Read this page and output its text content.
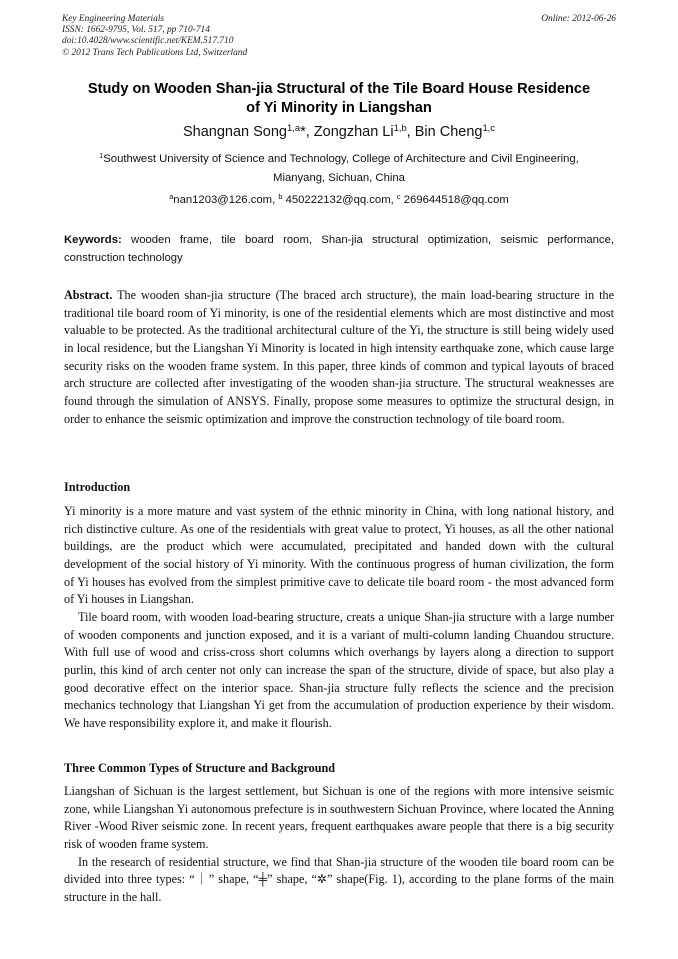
Key Engineering Materials
ISSN: 1662-9795, Vol. 517, pp 710-714
doi:10.4028/www.scientific.net/KEM.517.710
© 2012 Trans Tech Publications Ltd, Switzerland
Online: 2012-06-26
Study on Wooden Shan-jia Structural of the Tile Board House Residence
of Yi Minority in Liangshan
Shangnan Song$^{1,a}$*, Zongzhan Li$^{1,b}$, Bin Cheng$^{1,c}$
$^1$Southwest University of Science and Technology, College of Architecture and Civil Engineering,
Mianyang, Sichuan, China
$^a$nan1203@126.com, $^b$ 450222132@qq.com, $^c$ 269644518@qq.com
Keywords: wooden frame, tile board room, Shan-jia structural optimization, seismic performance, construction technology

Abstract. The wooden shan-jia structure (The braced arch structure), the main load-bearing structure in the traditional tile board room of Yi minority, is one of the residential elements which are most distinctive and most valuable to be protected. As the traditional architectural culture of the Yi, the structure is still being widely used in local residence, but the Liangshan Yi Minority is located in high intensity earthquake zone, which cause large security risks on the wooden frame system. In this paper, three kinds of common and typical layouts of braced arch structure are collected after investigating of the wooden shan-jia structure. The structural weaknesses are found through the simulation of ANSYS. Finally, propose some measures to optimize the structural design, in order to enhance the seismic optimization and improve the construction technology of tile board room.

Introduction

Yi minority is a more mature and vast system of the ethnic minority in China, with long national history, and rich distinctive culture. As one of the residentials with great value to protect, Yi houses, as all the other national buildings, are the product which were accumulated, precipitated and handed down with the cultural development of the social history of Yi minority. With the continuous progress of human civilization, the form of Yi houses has evolved from the simplest primitive cave to delicate tile board room - the most advanced form of Yi houses in Liangshan.

Tile board room, with wooden load-bearing structure, creats a unique Shan-jia structure with a large number of wooden components and junction exposed, and it is a variant of multi-column landing Chuandou structure. With full use of wood and criss-cross short columns which overhangs by layers along a direction to support purlin, this kind of arch center not only can increase the span of the structure, divide of space, but also play a good decorative effect on the interior space. Shan-jia structure fully reflects the science and the precision mechanics technology that Liangshan Yi get from the accumulation of production experience by their wisdom. We have responsibility explore it, and make it flourish.

Three Common Types of Structure and Background

Liangshan of Sichuan is the largest settlement, but Sichuan is one of the regions with more intensive seismic zone, while Liangshan Yi autonomous prefecture is in southwestern Sichuan Province, where located the Anning River -Wood River seismic zone. In recent years, frequent earthquakes aware people that there is a big security risk of wooden frame system.

In the research of residential structure, we find that Shan-jia structure of the wooden tile board room can be divided into three types: “｜” shape, “╪” shape, “✲” shape(Fig. 1), according to the plane forms of the main structure in the hall.
